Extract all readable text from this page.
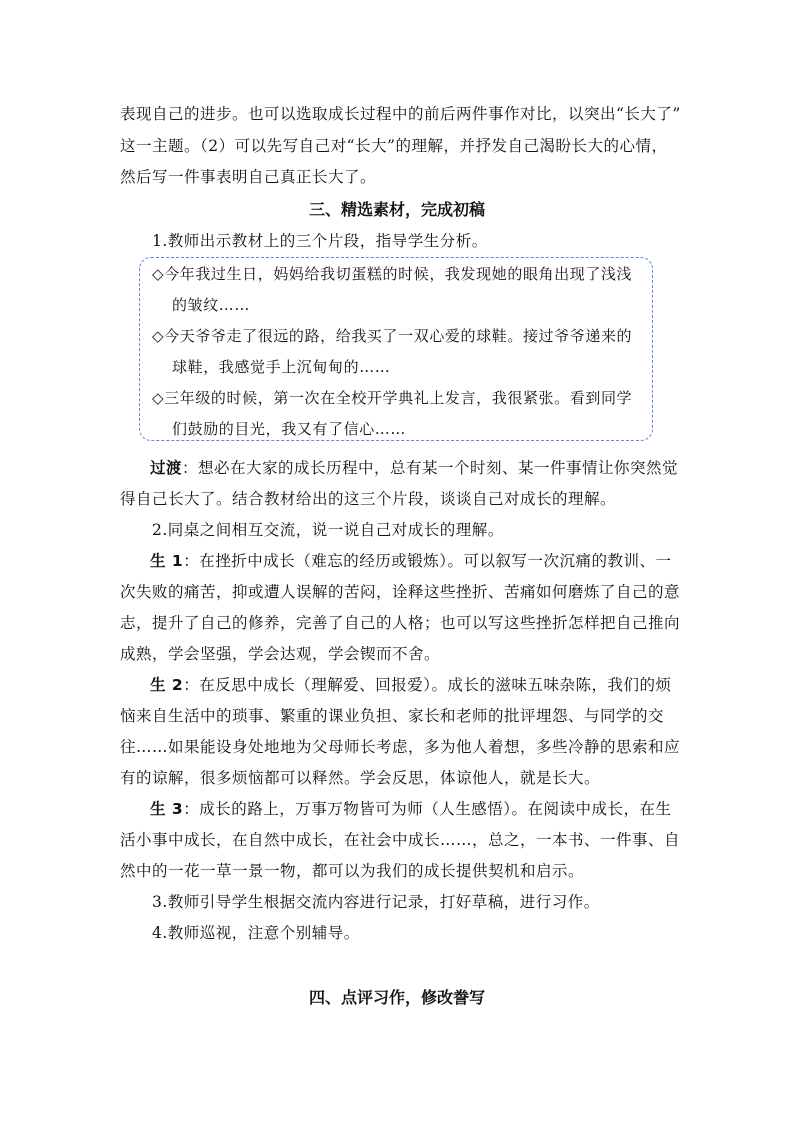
表现自己的进步。也可以选取成长过程中的前后两件事作对比，以突出“长大了”
这一主题。（2）可以先写自己对“长大”的理解，并抒发自己渴盼长大的心情，
然后写一件事表明自己真正长大了。
三、精选素材，完成初稿
1.教师出示教材上的三个片段，指导学生分析。
◇今年我过生日，妈妈给我切蛋糕的时候，我发现她的眼角出现了浅浅
的皱纹……
◇今天爷爷走了很远的路，给我买了一双心爱的球鞋。接过爷爷递来的
球鞋，我感觉手上沉甸甸的……
◇三年级的时候，第一次在全校开学典礼上发言，我很紧张。看到同学
们鼓励的目光，我又有了信心……
过渡：想必在大家的成长历程中，总有某一个时刻、某一件事情让你突然觉
得自己长大了。结合教材给出的这三个片段，谈谈自己对成长的理解。
2.同桌之间相互交流，说一说自己对成长的理解。
生 1：在挫折中成长（难忘的经历或锻炼）。可以叙写一次沉痛的教训、一
次失败的痛苦，抑或遭人误解的苦闷，诠释这些挫折、苦痛如何磨炼了自己的意
志，提升了自己的修养，完善了自己的人格；也可以写这些挫折怎样把自己推向
成熟，学会坚强，学会达观，学会锲而不舍。
生 2：在反思中成长（理解爱、回报爱）。成长的滋味五味杂陈，我们的烦
恼来自生活中的琐事、繁重的课业负担、家长和老师的批评埋怨、与同学的交
往……如果能设身处地地为父母师长考虑，多为他人着想，多些冷静的思索和应
有的谅解，很多烦恼都可以释然。学会反思，体谅他人，就是长大。
生 3：成长的路上，万事万物皆可为师（人生感悟）。在阅读中成长，在生
活小事中成长，在自然中成长，在社会中成长……，总之，一本书、一件事、自
然中的一花一草一景一物，都可以为我们的成长提供契机和启示。
3.教师引导学生根据交流内容进行记录，打好草稿，进行习作。
4.教师巡视，注意个别辅导。
四、点评习作，修改誊写
